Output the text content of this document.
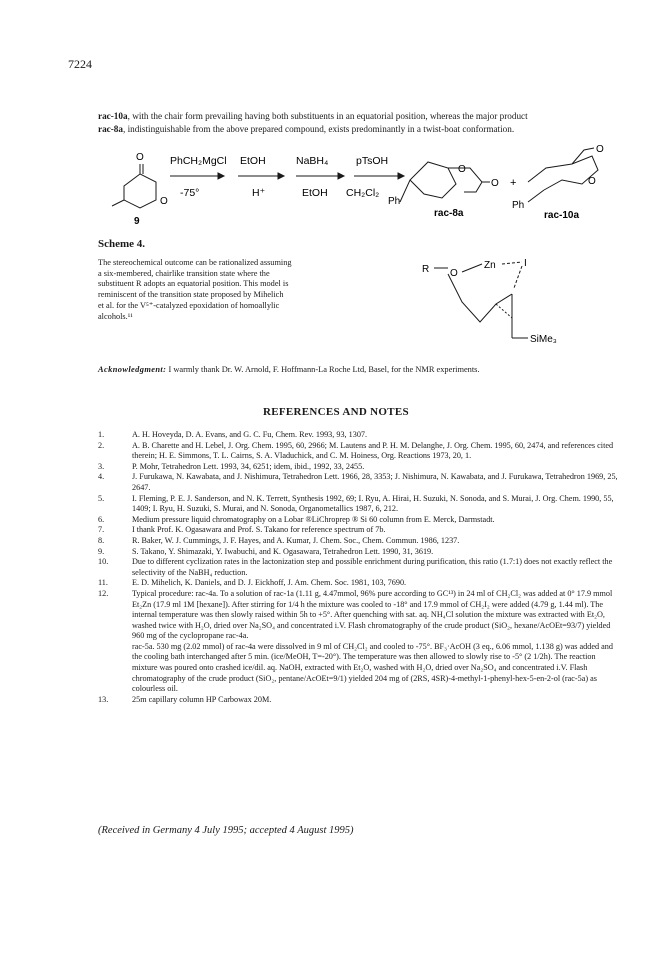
7224
rac-10a, with the chair form prevailing having both substituents in an equatorial position, whereas the major product
rac-8a, indistinguishable from the above prepared compound, exists predominantly in a twist-boat conformation.
O
O
9
PhCH₂MgCl
-75°
EtOH
H⁺
NaBH₄
EtOH
pTsOH
CH₂Cl₂
Ph
O
O
rac-8a
+
Ph
O
O
rac-10a
Scheme 4.
The stereochemical outcome can be rationalized assuming
a six-membered, chairlike transition state where the
substituent R adopts an equatorial position. This model is
reminiscent of the transition state proposed by Mihelich
et al. for the V⁵⁺-catalyzed epoxidation of homoallylic
alcohols.¹¹
R O
Zn	I
SiMe₃
Acknowledgment: I warmly thank Dr. W. Arnold, F. Hoffmann-La Roche Ltd, Basel, for the NMR experiments.
REFERENCES AND NOTES
1.	A. H. Hoveyda, D. A. Evans, and G. C. Fu, Chem. Rev. 1993, 93, 1307.
2.	A. B. Charette and H. Lebel, J. Org. Chem. 1995, 60, 2966; M. Lautens and P. H. M. Delanghe, J. Org. Chem. 1995, 60, 2474, and references cited therein; H. E. Simmons, T. L. Cairns, S. A. Vladuchick, and C. M. Hoiness, Org. Reactions 1973, 20, 1.
3.	P. Mohr, Tetrahedron Lett. 1993, 34, 6251; idem, ibid., 1992, 33, 2455.
4.	J. Furukawa, N. Kawabata, and J. Nishimura, Tetrahedron Lett. 1966, 28, 3353; J. Nishimura, N. Kawabata, and J. Furukawa, Tetrahedron 1969, 25, 2647.
5.	I. Fleming, P. E. J. Sanderson, and N. K. Terrett, Synthesis 1992, 69; I. Ryu, A. Hirai, H. Suzuki, N. Sonoda, and S. Murai, J. Org. Chem. 1990, 55, 1409; I. Ryu, H. Suzuki, S. Murai, and N. Sonoda, Organometallics 1987, 6, 212.
6.	Medium pressure liquid chromatography on a Lobar ®LiChroprep ® Si 60 column from E. Merck, Darmstadt.
7.	I thank Prof. K. Ogasawara and Prof. S. Takano for reference spectrum of 7b.
8.	R. Baker, W. J. Cummings, J. F. Hayes, and A. Kumar, J. Chem. Soc., Chem. Commun. 1986, 1237.
9.	S. Takano, Y. Shimazaki, Y. Iwabuchi, and K. Ogasawara, Tetrahedron Lett. 1990, 31, 3619.
10.	Due to different cyclization rates in the lactonization step and possible enrichment during purification, this ratio (1.7:1) does not exactly reflect the selectivity of the NaBH₄ reduction.
11.	E. D. Mihelich, K. Daniels, and D. J. Eickhoff, J. Am. Chem. Soc. 1981, 103, 7690.
12.	Typical procedure: rac-4a. To a solution of rac-1a (1.11 g, 4.47mmol, 96% pure according to GC¹³) in 24 ml of CH₂Cl₂ was added at 0° 17.9 mmol Et₂Zn (17.9 ml 1M [hexane]). After stirring for 1/4 h the mixture was cooled to -18° and 17.9 mmol of CH₂I₂ were added (4.79 g, 1.44 ml). The internal temperature was then slowly raised within 5h to +5°. After quenching with sat. aq. NH₄Cl solution the mixture was extracted with Et₂O, washed twice with H₂O, dried over Na₂SO₄ and concentrated i.V. Flash chromatography of the crude product (SiO₂, hexane/AcOEt=93/7) yielded 960 mg of the cyclopropane rac-4a.
rac-5a. 530 mg (2.02 mmol) of rac-4a were dissolved in 9 ml of CH₂Cl₂ and cooled to -75°. BF₃·AcOH (3 eq., 6.06 mmol, 1.138 g) was added and the cooling bath interchanged after 5 min. (ice/MeOH, T=-20°). The temperature was then allowed to slowly rise to -5° (2 1/2h). The reaction mixture was poured onto crashed ice/dil. aq. NaOH, extracted with Et₂O, washed with H₂O, dried over Na₂SO₄ and concentrated i.V. Flash chromatography of the crude product (SiO₂, pentane/AcOEt=9/1) yielded 204 mg of (2RS, 4SR)-4-methyl-1-phenyl-hex-5-en-2-ol (rac-5a) as colourless oil.
13.	25m capillary column HP Carbowax 20M.
(Received in Germany 4 July 1995; accepted 4 August 1995)
